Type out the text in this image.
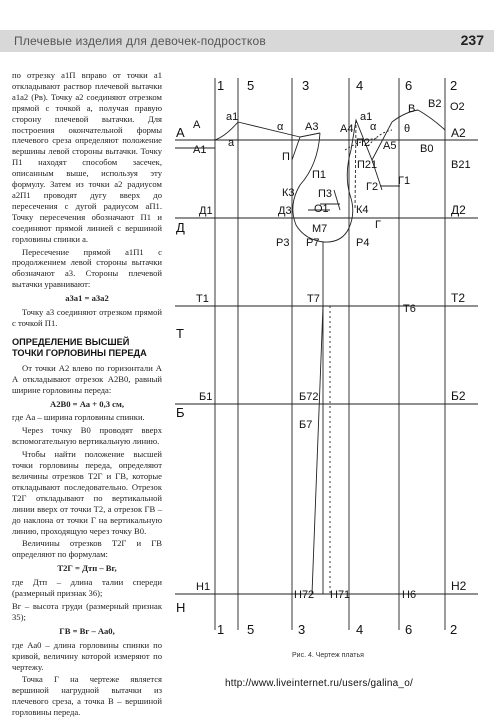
Плечевые изделия для девочек-подростков	237

по отрезку а1П вправо от точки а1 откладывают раствор плечевой вытачки а1а2 (Рв). Точку а2 соединяют отрезком прямой с точкой а, получая правую сторону плечевой вытачки. Для построения окончательной формы плечевого среза определяют положение вершины левой стороны вытачки. Точку П1 находят способом засечек, описанным выше, используя эту формулу. Затем из точки а2 радиусом а2П1 проводят дугу вверх до пересечения с дугой радиусом аП1. Точку пересечения обозначают П1 и соединяют прямой линией с вершиной горловины спинки а.

Пересечение прямой а1П1 с продолжением левой стороны вытачки обозначают а3. Стороны плечевой вытачки уравнивают:

а3а1 = а3а2

Точку а3 соединяют отрезком прямой с точкой П1.

ОПРЕДЕЛЕНИЕ ВЫСШЕЙ ТОЧКИ ГОРЛОВИНЫ ПЕРЕДА

От точки А2 влево по горизонтали А А откладывают отрезок А2В0, равный ширине горловины переда:

А2В0 = Аа + 0,3 см,

где Аа – ширина горловины спинки.

Через точку В0 проводят вверх вспомогательную вертикальную линию.

Чтобы найти положение высшей точки горловины переда, определяют величины отрезков Т2Г и ГВ, которые откладывают последовательно. Отрезок Т2Г откладывают по вертикальной линии вверх от точки Т2, а отрезок ГВ – до наклона от точки Г на вертикальную линию, проходящую через точку В0.

Величины отрезков Т2Г и ГВ определяют по формулам:

Т2Г = Дтп – Вг,

где Дтп – длина талии спереди (размерный признак 36);

Вг – высота груди (размерный признак 35);

ГВ = Вг – Аа0,

где Аа0 – длина горловины спинки по кривой, величину которой измеряют по чертежу.

Точка Г на чертеже является вершиной нагрудной вытачки из плечевого среза, а точка В – вершиной горловины переда.

1 5	3	4	6	2
1 5	3	4	6	2
А
Д
Т
Б
Н
А2
Д2
Т2
Б2
Н2
А
А1
а1
а
α А3 А4 α
а1
В В2 О2
θ
А5 В0
В21
П
П1
П2
П3
П21
К3
Д3 О1 К4
Г2 Г1
Г
Д1
М7
Р3 Р7	Р4
Т1	Т7
Т6
Б1	Б72
Б7
Н1
Н72 Н71	Н6
Рис. 4. Чертеж платья
http://www.liveinternet.ru/users/galina_o/
